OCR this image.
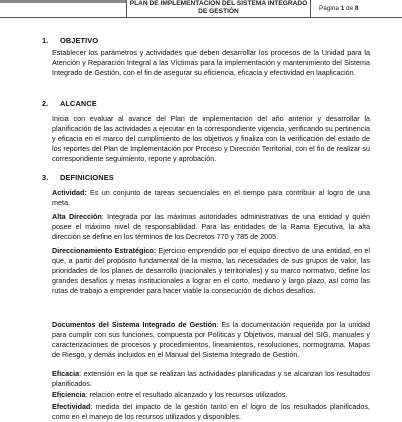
PLAN DE IMPLEMENTACIÓN DEL SISTEMA INTEGRADO
DE GESTIÓN	Página 1 de 8
1. OBJETIVO
Establecer los parámetros y actividades que deben desarrollar los procesos de la Unidad para la Atención y Reparación Integral a las Víctimas para la implementación y mantenimiento del Sistema Integrado de Gestión, con el fin de asegurar su eficiencia, eficacia y efectividad en laaplicación.
2. ALCANCE
Inicia con evaluar al avance del Plan de implementación del año anterior y desarrollar la planificación de las actividades a ejecutar en la correspondiente vigencia, verificando su pertinencia y eficacia en el marco del cumplimiento de los objetivos y finaliza con la verificación del estado de los reportes del Plan de Implementación por Proceso y Dirección Territorial, con el fin de realizar su correspondiente seguimiento, reporte y aprobación.
3. DEFINICIONES
Actividad: Es un conjunto de tareas secuenciales en el tiempo para contribuir al logro de una meta.
Alta Dirección: Integrada por las máximas autoridades administrativas de una entidad y quién posee el máximo nivel de responsabilidad. Para las entidades de la Rama Ejecutiva, la alta dirección se define en los términos de los Decretos 770 y 785 de 2005.
Direccionamiento Estratégico: Ejercicio emprendido por el equipo directivo de una entidad, en el que, a partir del propósito fundamental de la misma, las necesidades de sus grupos de valor, las prioridades de los planes de desarrollo (nacionales y territoriales) y su marco normativo, define los grandes desafíos y metas institucionales a lograr en el corto, mediano y largo plazo, así como las rutas de trabajo a emprender para hacer viable la consecución de dichos desafíos.
Documentos del Sistema Integrado de Gestión: Es la documentación requerida por la unidad para cumplir con sus funciones, compuesta por Políticas y Objetivos, manual del SIG, manuales y caracterizaciones de procesos y procedimientos, lineamientos, resoluciones, normograma, Mapas de Riesgo, y demás incluidos en el Manual del Sistema Integrado de Gestión.
Eficacia: extensión en la que se realizan las actividades planificadas y se alcanzan los resultados planificados.
Eficiencia: relación entre el resultado alcanzado y los recursos utilizados.
Efectividad: medida del impacto de la gestión tanto en el logro de los resultados planificados, como en el manejo de los recursos utilizados y disponibles.
